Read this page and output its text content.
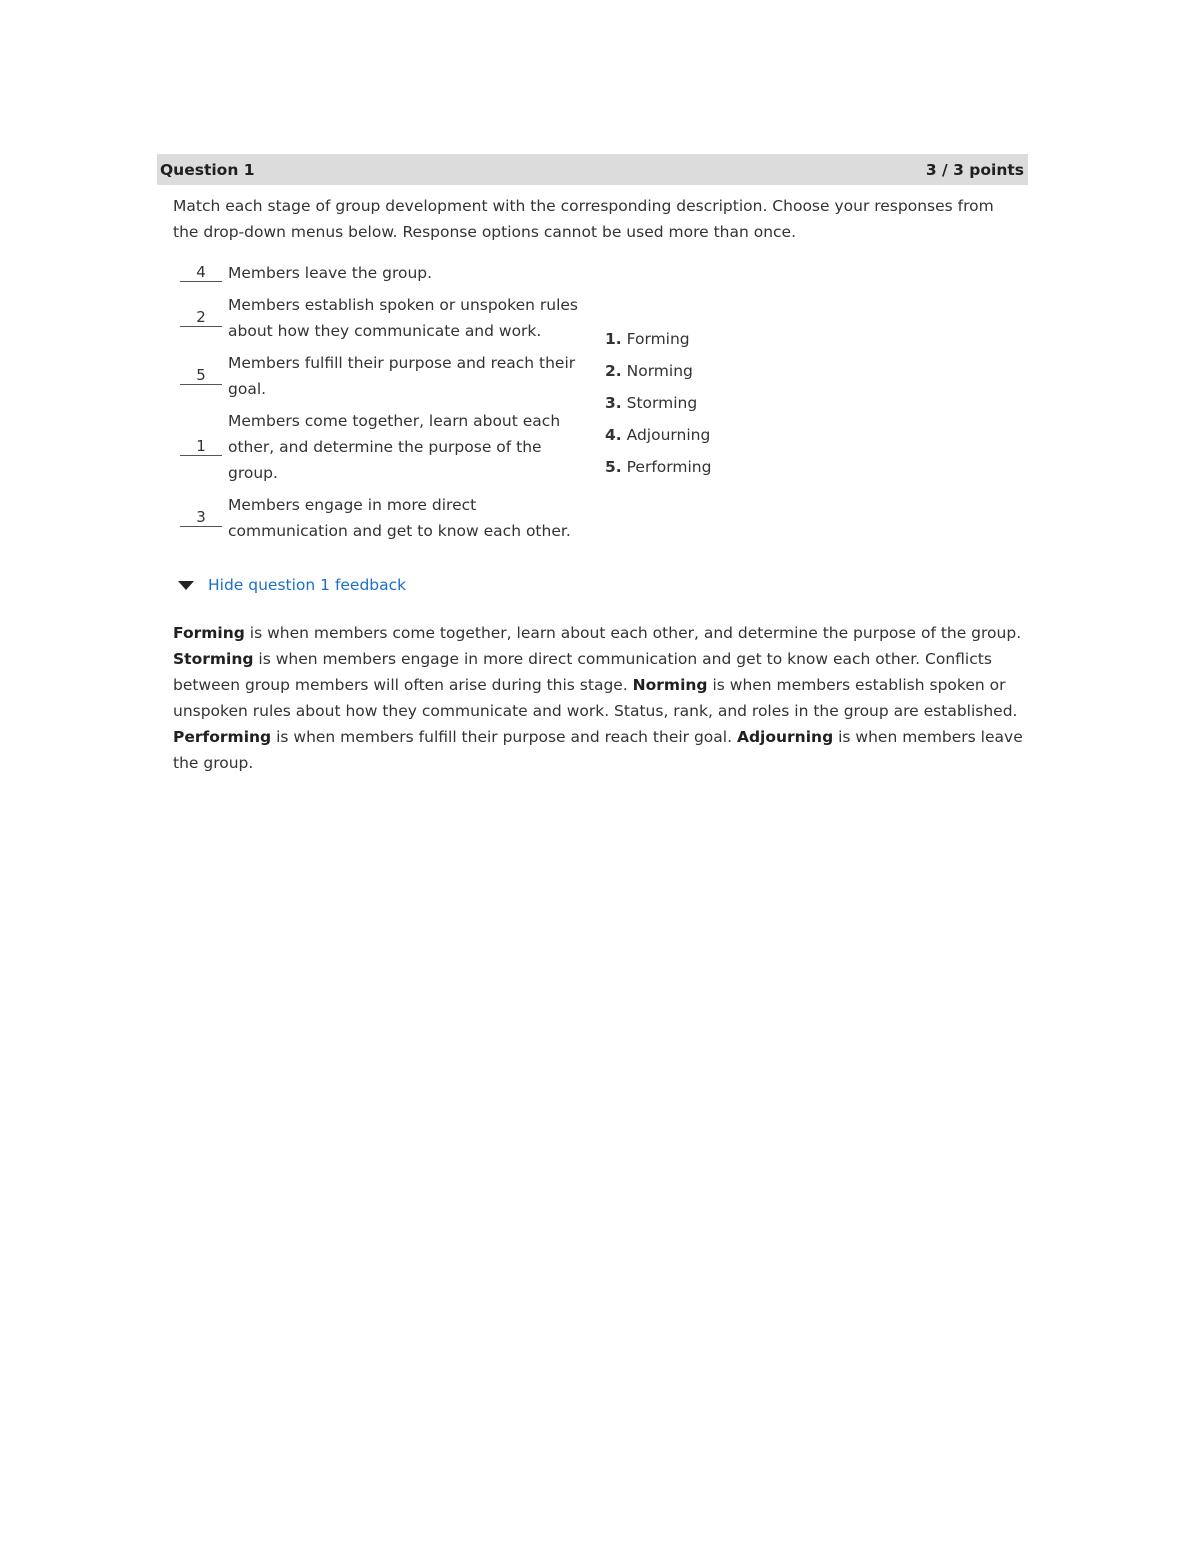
Question 1	3 / 3 points
Match each stage of group development with the corresponding description. Choose your responses from the drop-down menus below. Response options cannot be used more than once.
4	Members leave the group.
2
Members establish spoken or unspoken rules about how they communicate and work.
5
Members fulfill their purpose and reach their goal.
1
Members come together, learn about each other, and determine the purpose of the group.
3
Members engage in more direct communication and get to know each other.
1. Forming
2. Norming
3. Storming
4. Adjourning
5. Performing
Hide question 1 feedback
Forming is when members come together, learn about each other, and determine the purpose of the group. Storming is when members engage in more direct communication and get to know each other. Conflicts between group members will often arise during this stage. Norming is when members establish spoken or unspoken rules about how they communicate and work. Status, rank, and roles in the group are established. Performing is when members fulfill their purpose and reach their goal. Adjourning is when members leave the group.
